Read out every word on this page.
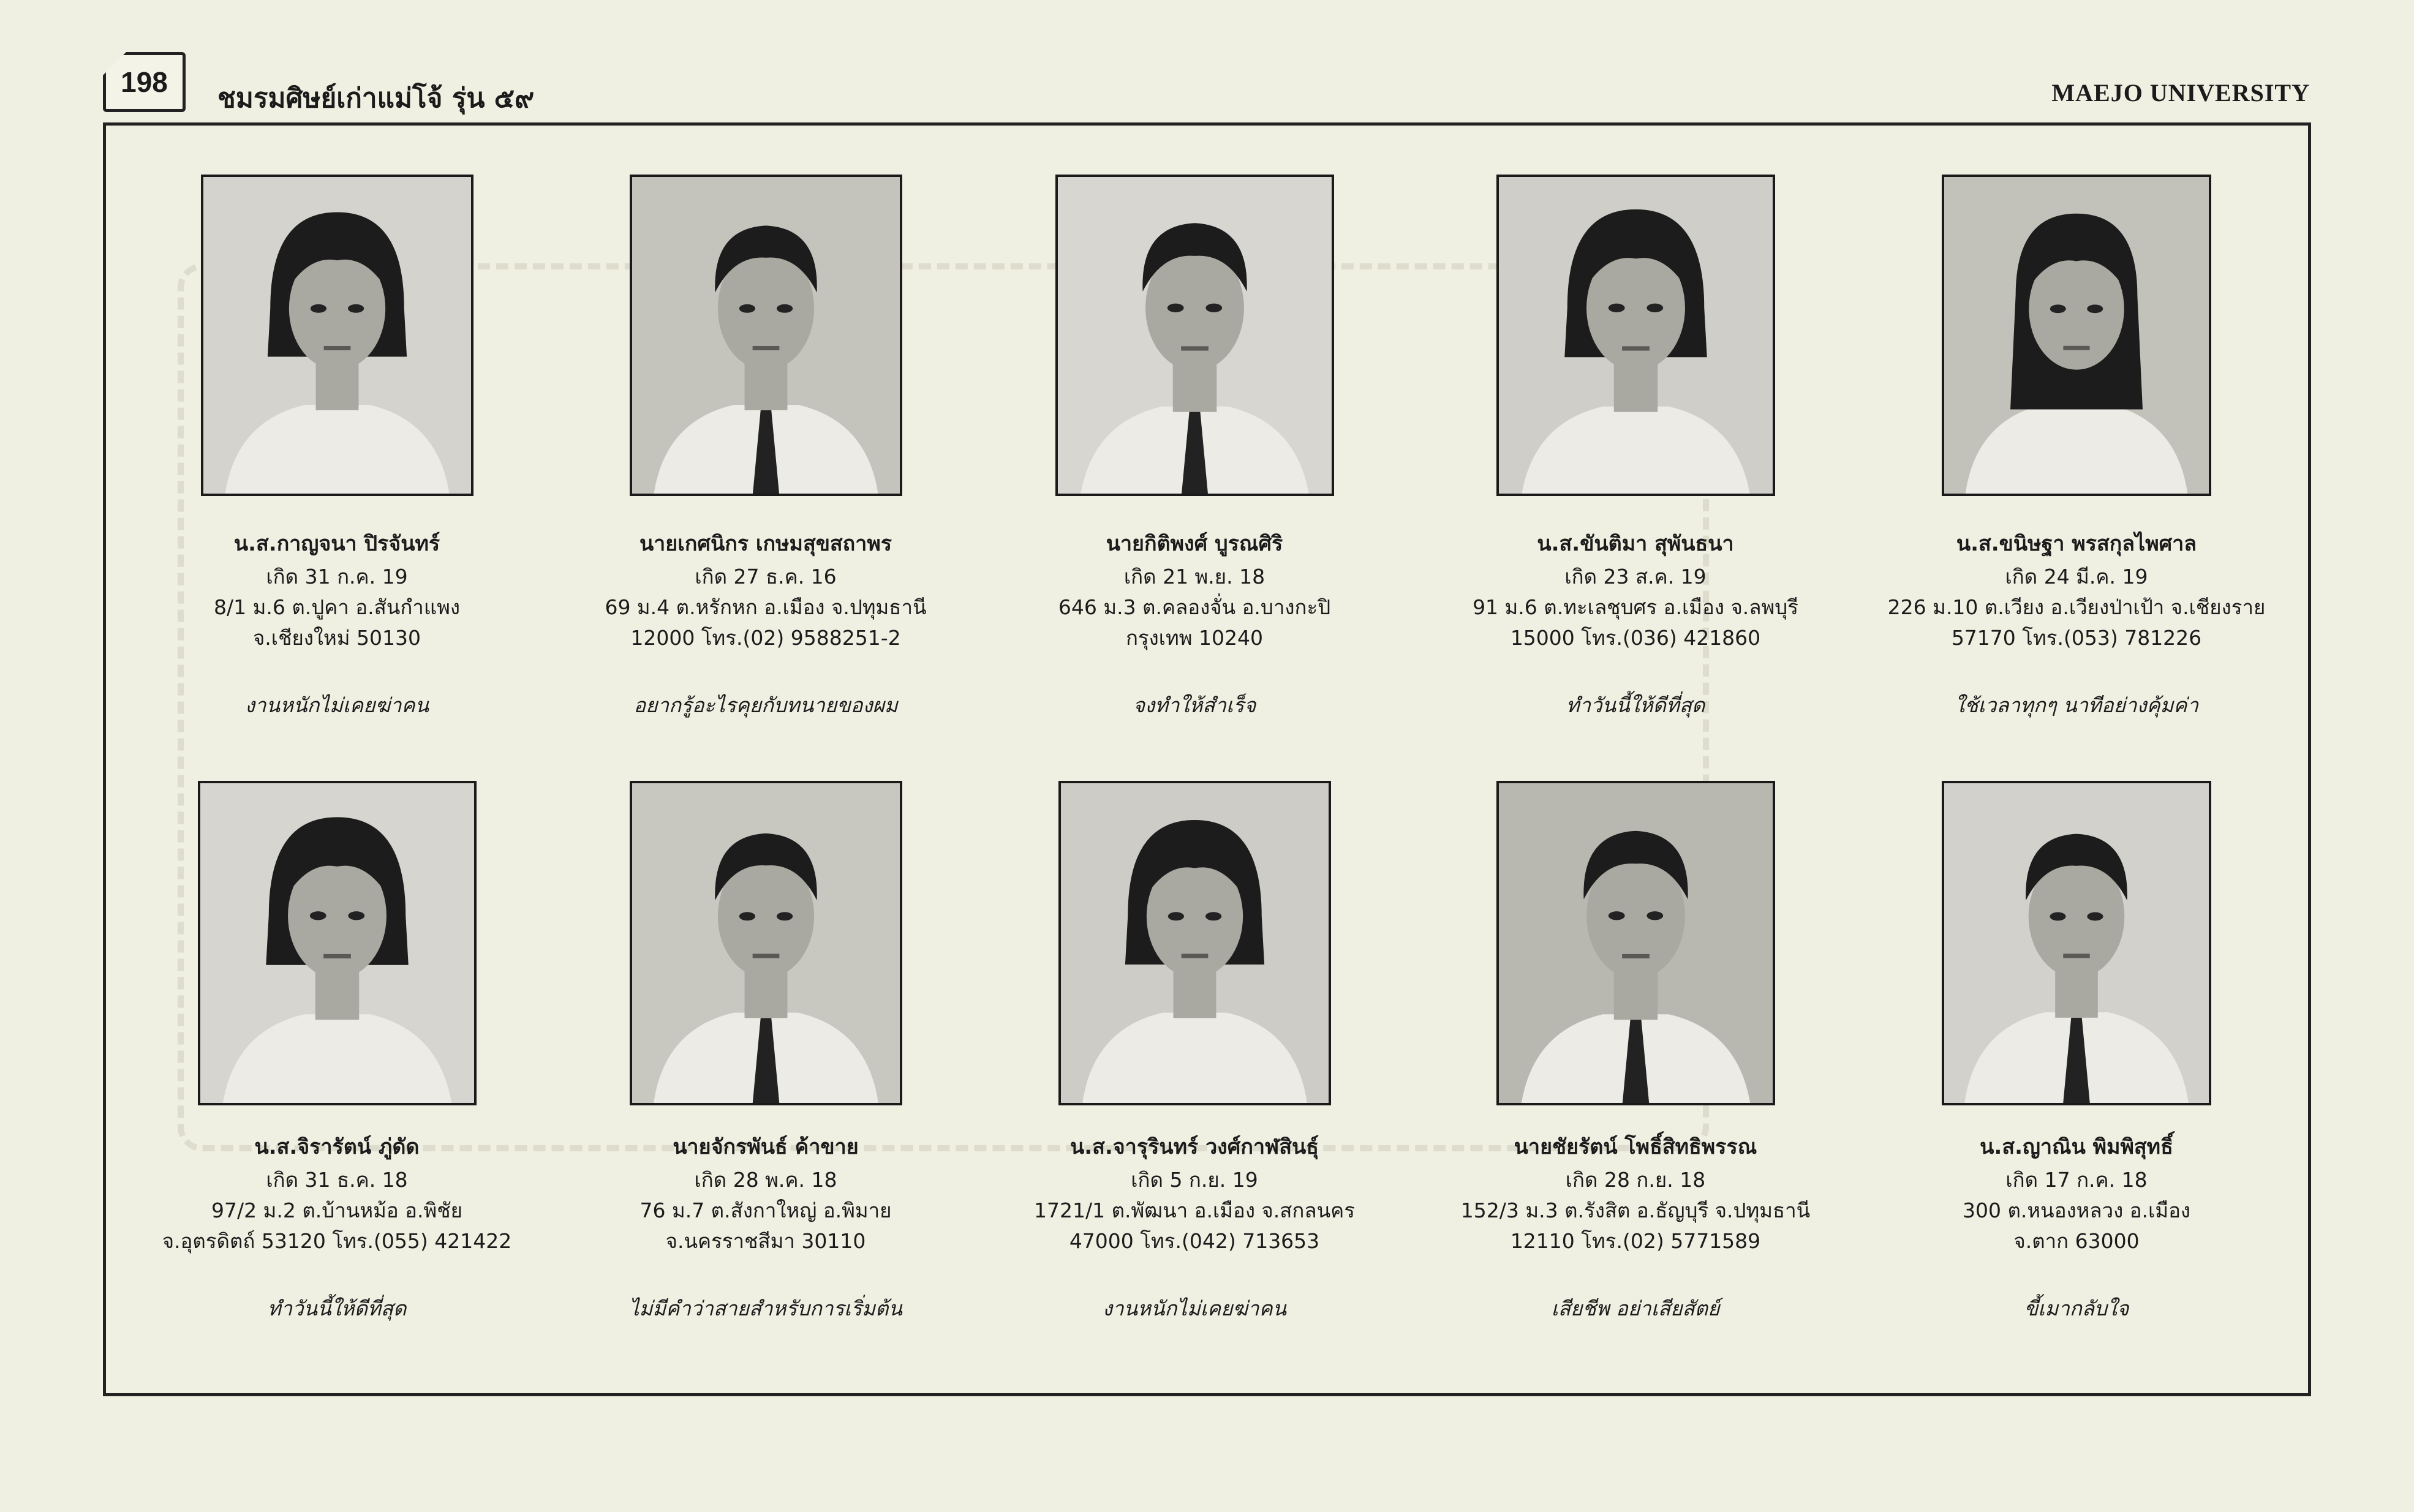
198
ชมรมศิษย์เก่าแม่โจ้ รุ่น ๕๙	MAEJO UNIVERSITY
น.ส.กาญจนา ปิรจันทร์
เกิด 31 ก.ค. 19
8/1 ม.6 ต.ปูคา อ.สันกำแพง
จ.เชียงใหม่ 50130
งานหนักไม่เคยฆ่าคน
นายเกศนิกร เกษมสุขสถาพร
เกิด 27 ธ.ค. 16
69 ม.4 ต.หรักหก อ.เมือง จ.ปทุมธานี
12000 โทร.(02) 9588251-2
อยากรู้อะไรคุยกับทนายของผม
นายกิติพงศ์ บูรณศิริ
เกิด 21 พ.ย. 18
646 ม.3 ต.คลองจั่น อ.บางกะปิ
กรุงเทพ 10240
จงทำให้สำเร็จ
น.ส.ขันติมา สุพันธนา
เกิด 23 ส.ค. 19
91 ม.6 ต.ทะเลชุบศร อ.เมือง จ.ลพบุรี
15000 โทร.(036) 421860
ทำวันนี้ให้ดีที่สุด
น.ส.ขนิษฐา พรสกุลไพศาล
เกิด 24 มี.ค. 19
226 ม.10 ต.เวียง อ.เวียงป่าเป้า จ.เชียงราย
57170 โทร.(053) 781226
ใช้เวลาทุกๆ นาทีอย่างคุ้มค่า
น.ส.จิรารัตน์ ภู่ดัด
เกิด 31 ธ.ค. 18
97/2 ม.2 ต.บ้านหม้อ อ.พิชัย
จ.อุตรดิตถ์ 53120 โทร.(055) 421422
ทำวันนี้ให้ดีที่สุด
นายจักรพันธ์ ค้าขาย
เกิด 28 พ.ค. 18
76 ม.7 ต.สังกาใหญ่ อ.พิมาย
จ.นครราชสีมา 30110
ไม่มีคำว่าสายสำหรับการเริ่มต้น
น.ส.จารุรินทร์ วงศ์กาฬสินธุ์
เกิด 5 ก.ย. 19
1721/1 ต.พัฒนา อ.เมือง จ.สกลนคร
47000 โทร.(042) 713653
งานหนักไม่เคยฆ่าคน
นายชัยรัตน์ โพธิ์สิทธิพรรณ
เกิด 28 ก.ย. 18
152/3 ม.3 ต.รังสิต อ.ธัญบุรี จ.ปทุมธานี
12110 โทร.(02) 5771589
เสียชีพ อย่าเสียสัตย์
น.ส.ญาณิน พิมพิสุทธิ์
เกิด 17 ก.ค. 18
300 ต.หนองหลวง อ.เมือง
จ.ตาก 63000
ขี้เมากลับใจ
